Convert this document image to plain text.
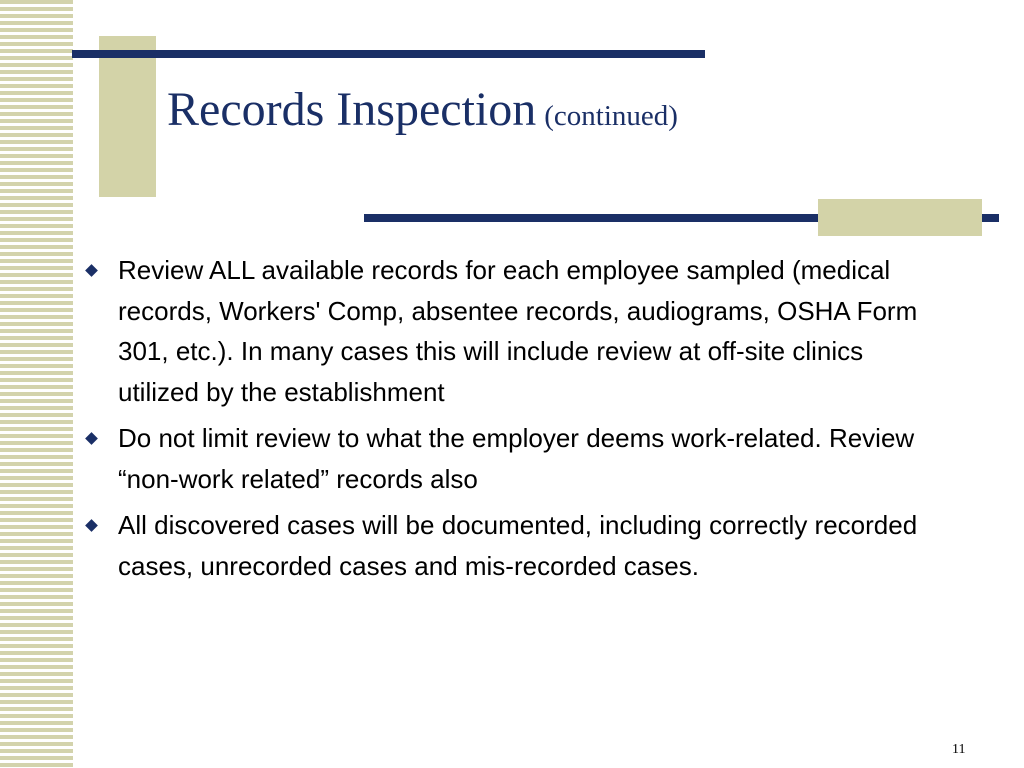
Records Inspection (continued)
Review ALL available records for each employee sampled (medical records, Workers' Comp, absentee records, audiograms, OSHA Form 301, etc.). In many cases this will include review at off-site clinics utilized by the establishment
Do not limit review to what the employer deems work-related. Review “non-work related” records also
All discovered cases will be documented, including correctly recorded cases, unrecorded cases and mis-recorded cases.
11
